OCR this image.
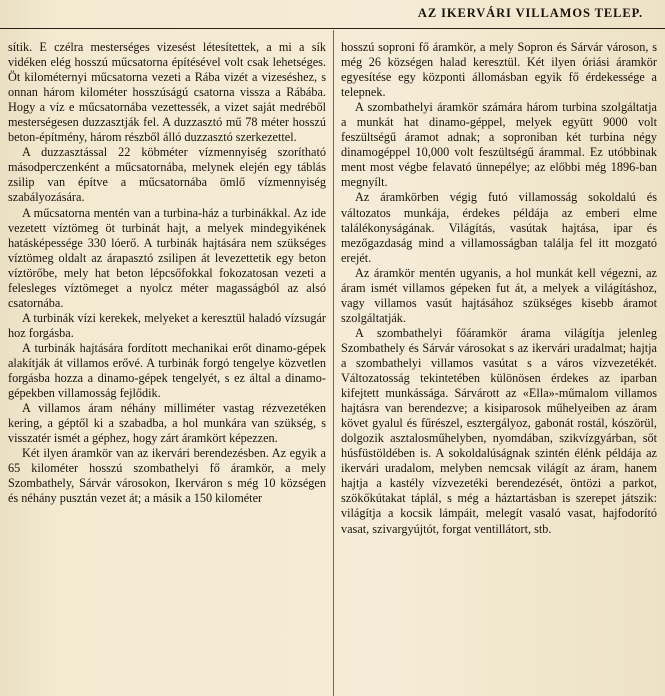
AZ IKERVÁRI VILLAMOS TELEP.

sítik. E czélra mesterséges vizesést létesítettek, a mi a sík vidéken elég hosszú műcsatorna építésével volt csak lehetséges. Öt kilométernyi műcsatorna vezeti a Rába vizét a vizeséshez, s onnan három kilométer hosszúságú csatorna vissza a Rábába. Hogy a víz e műcsatornába vezettessék, a vizet saját medréből mesterségesen duzzasztják fel. A duzzasztó mű 78 méter hosszú beton-építmény, három részből álló duzzasztó szerkezettel.

A duzzasztással 22 köbméter vízmennyiség szorítható másodperczenként a műcsatornába, melynek elején egy táblás zsilip van építve a műcsatornába ömlő vízmennyiség szabályozására.

A műcsatorna mentén van a turbina-ház a turbinákkal. Az ide vezetett víztömeg öt turbinát hajt, a melyek mindegyikének hatásképessége 330 lóerő. A turbinák hajtására nem szükséges víztömeg oldalt az árapasztó zsilipen át levezettetik egy beton víztörőbe, mely hat beton lépcsőfokkal fokozatosan vezeti a felesleges víztömeget a nyolcz méter magasságból az alsó csatornába.

A turbinák vízi kerekek, melyeket a keresztül haladó vízsugár hoz forgásba.

A turbinák hajtására fordított mechanikai erőt dinamo-gépek alakítják át villamos erővé. A turbinák forgó tengelye közvetlen forgásba hozza a dinamo-gépek tengelyét, s ez által a dinamo-gépekben villamosság fejlődik.

A villamos áram néhány milliméter vastag rézvezetéken kering, a géptől ki a szabadba, a hol munkára van szükség, s visszatér ismét a géphez, hogy zárt áramkört képezzen.

Két ilyen áramkör van az ikervári berendezésben. Az egyik a 65 kilométer hosszú szombathelyi fő áramkör, a mely Szombathely, Sárvár városokon, Ikerváron s még 10 községen és néhány pusztán vezet át; a másik a 150 kilométer

hosszú soproni fő áramkör, a mely Sopron és Sárvár városon, s még 26 községen halad keresztül. Két ilyen óriási áramkör egyesítése egy központi állomásban egyik fő érdekessége a telepnek.

A szombathelyi áramkör számára három turbina szolgáltatja a munkát hat dinamo-géppel, melyek együtt 9000 volt feszültségű áramot adnak; a soproniban két turbina négy dinamogéppel 10,000 volt feszültségű árammal. Ez utóbbinak ment most végbe felavató ünnepélye; az előbbi még 1896-ban megnyílt.

Az áramkörben végig futó villamosság sokoldalú és változatos munkája, érdekes példája az emberi elme találékonyságának. Világítás, vasútak hajtása, ipar és mezőgazdaság mind a villamosságban találja fel itt mozgató erejét.

Az áramkör mentén ugyanis, a hol munkát kell végezni, az áram ismét villamos gépeken fut át, a melyek a világításhoz, vagy villamos vasút hajtásához szükséges kisebb áramot szolgáltatják.

A szombathelyi főáramkör árama világítja jelenleg Szombathely és Sárvár városokat s az ikervári uradalmat; hajtja a szombathelyi villamos vasútat s a város vízvezetékét. Változatosság tekintetében különösen érdekes az iparban kifejtett munkássága. Sárvárott az «Ella»-műmalom villamos hajtásra van berendezve; a kisiparosok műhelyeiben az áram követ gyalul és fűrészel, esztergályoz, gabonát rostál, kószörül, dolgozik asztalosműhelyben, nyomdában, szikvízgyárban, sőt húsfüstöldében is. A sokoldalúságnak szintén élénk példája az ikervári uradalom, melyben nemcsak világít az áram, hanem hajtja a kastély vízvezetéki berendezését, öntözi a parkot, szökőkútakat táplál, s még a háztartásban is szerepet játszik: világítja a kocsik lámpáit, melegít vasaló vasat, hajfodorító vasat, szivargyújtót, forgat ventillátort, stb.
